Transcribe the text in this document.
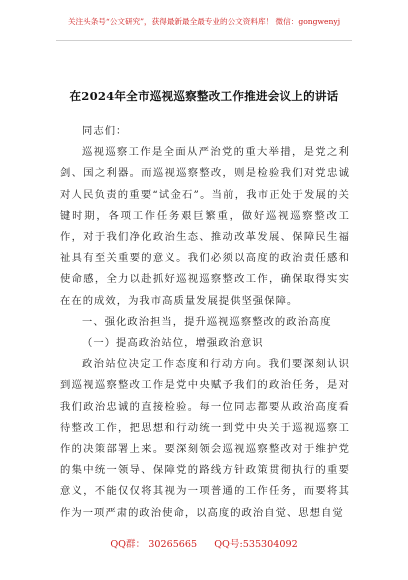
关注头条号“公文研究”，获得最新最全最专业的公文资料库！ 微信：gongwenyj
在2024年全市巡视巡察整改工作推进会议上的讲话

同志们：

巡视巡察工作是全面从严治党的重大举措，是党之利剑、国之利器。而巡视巡察整改，则是检验我们对党忠诚对人民负责的重要“试金石”。当前，我市正处于发展的关键时期，各项工作任务艰巨繁重，做好巡视巡察整改工作，对于我们净化政治生态、推动改革发展、保障民生福祉具有至关重要的意义。我们必须以高度的政治责任感和使命感，全力以赴抓好巡视巡察整改工作，确保取得实实在在的成效，为我市高质量发展提供坚强保障。

一、强化政治担当，提升巡视巡察整改的政治高度

（一）提高政治站位，增强政治意识

政治站位决定工作态度和行动方向。我们要深刻认识到巡视巡察整改工作是党中央赋予我们的政治任务，是对我们政治忠诚的直接检验。每一位同志都要从政治高度看待整改工作，把思想和行动统一到党中央关于巡视巡察工作的决策部署上来。要深刻领会巡视巡察整改对于维护党的集中统一领导、保障党的路线方针政策贯彻执行的重要意义，不能仅仅将其视为一项普通的工作任务，而要将其作为一项严肃的政治使命，以高度的政治自觉、思想自觉

QQ群： 30265665 QQ号:535304092
